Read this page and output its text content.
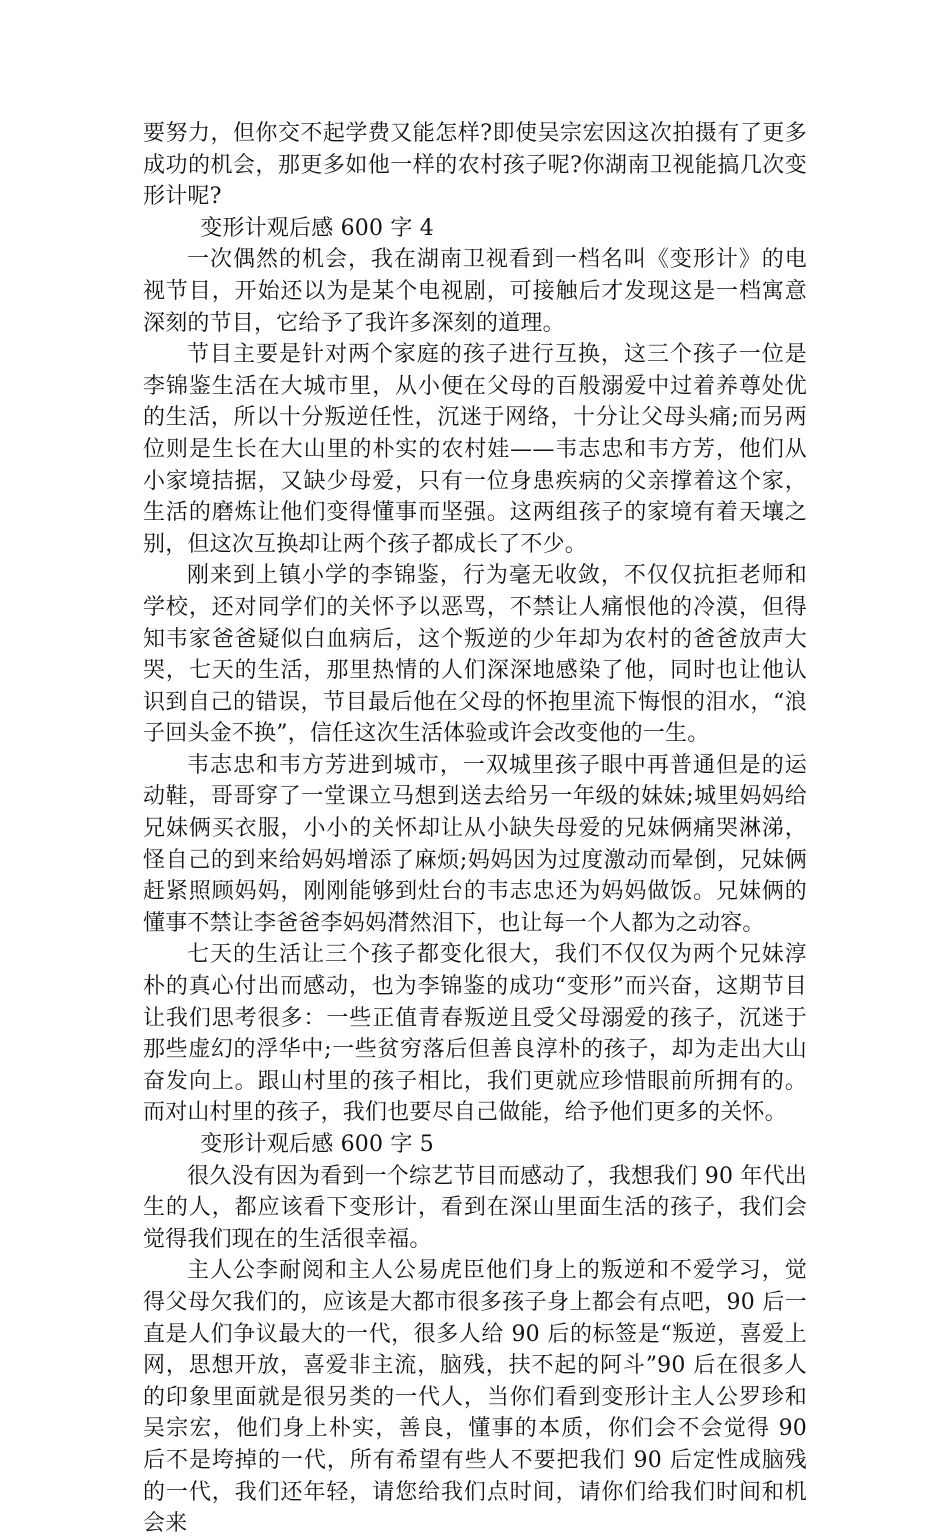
要努力，但你交不起学费又能怎样?即使吴宗宏因这次拍摄有了更多成功的机会，那更多如他一样的农村孩子呢?你湖南卫视能搞几次变形计呢?

变形计观后感 600 字 4

一次偶然的机会，我在湖南卫视看到一档名叫《变形计》的电视节目，开始还以为是某个电视剧，可接触后才发现这是一档寓意深刻的节目，它给予了我许多深刻的道理。

节目主要是针对两个家庭的孩子进行互换，这三个孩子一位是李锦鉴生活在大城市里，从小便在父母的百般溺爱中过着养尊处优的生活，所以十分叛逆任性，沉迷于网络，十分让父母头痛;而另两位则是生长在大山里的朴实的农村娃——韦志忠和韦方芳，他们从小家境拮据，又缺少母爱，只有一位身患疾病的父亲撑着这个家，生活的磨炼让他们变得懂事而坚强。这两组孩子的家境有着天壤之别，但这次互换却让两个孩子都成长了不少。

刚来到上镇小学的李锦鉴，行为毫无收敛，不仅仅抗拒老师和学校，还对同学们的关怀予以恶骂，不禁让人痛恨他的冷漠，但得知韦家爸爸疑似白血病后，这个叛逆的少年却为农村的爸爸放声大哭，七天的生活，那里热情的人们深深地感染了他，同时也让他认识到自己的错误，节目最后他在父母的怀抱里流下悔恨的泪水，“浪子回头金不换”，信任这次生活体验或许会改变他的一生。

韦志忠和韦方芳进到城市，一双城里孩子眼中再普通但是的运动鞋，哥哥穿了一堂课立马想到送去给另一年级的妹妹;城里妈妈给兄妹俩买衣服，小小的关怀却让从小缺失母爱的兄妹俩痛哭淋涕，怪自己的到来给妈妈增添了麻烦;妈妈因为过度激动而晕倒，兄妹俩赶紧照顾妈妈，刚刚能够到灶台的韦志忠还为妈妈做饭。兄妹俩的懂事不禁让李爸爸李妈妈潸然泪下，也让每一个人都为之动容。

七天的生活让三个孩子都变化很大，我们不仅仅为两个兄妹淳朴的真心付出而感动，也为李锦鉴的成功“变形”而兴奋，这期节目让我们思考很多：一些正值青春叛逆且受父母溺爱的孩子，沉迷于那些虚幻的浮华中;一些贫穷落后但善良淳朴的孩子，却为走出大山奋发向上。跟山村里的孩子相比，我们更就应珍惜眼前所拥有的。而对山村里的孩子，我们也要尽自己做能，给予他们更多的关怀。

变形计观后感 600 字 5

很久没有因为看到一个综艺节目而感动了，我想我们 90 年代出生的人，都应该看下变形计，看到在深山里面生活的孩子，我们会觉得我们现在的生活很幸福。

主人公李耐阅和主人公易虎臣他们身上的叛逆和不爱学习，觉得父母欠我们的，应该是大都市很多孩子身上都会有点吧，90 后一直是人们争议最大的一代，很多人给 90 后的标签是“叛逆，喜爱上网，思想开放，喜爱非主流，脑残，扶不起的阿斗”90 后在很多人的印象里面就是很另类的一代人，当你们看到变形计主人公罗珍和吴宗宏，他们身上朴实，善良，懂事的本质，你们会不会觉得 90 后不是垮掉的一代，所有希望有些人不要把我们 90 后定性成脑残的一代，我们还年轻，请您给我们点时间，请你们给我们时间和机会来
